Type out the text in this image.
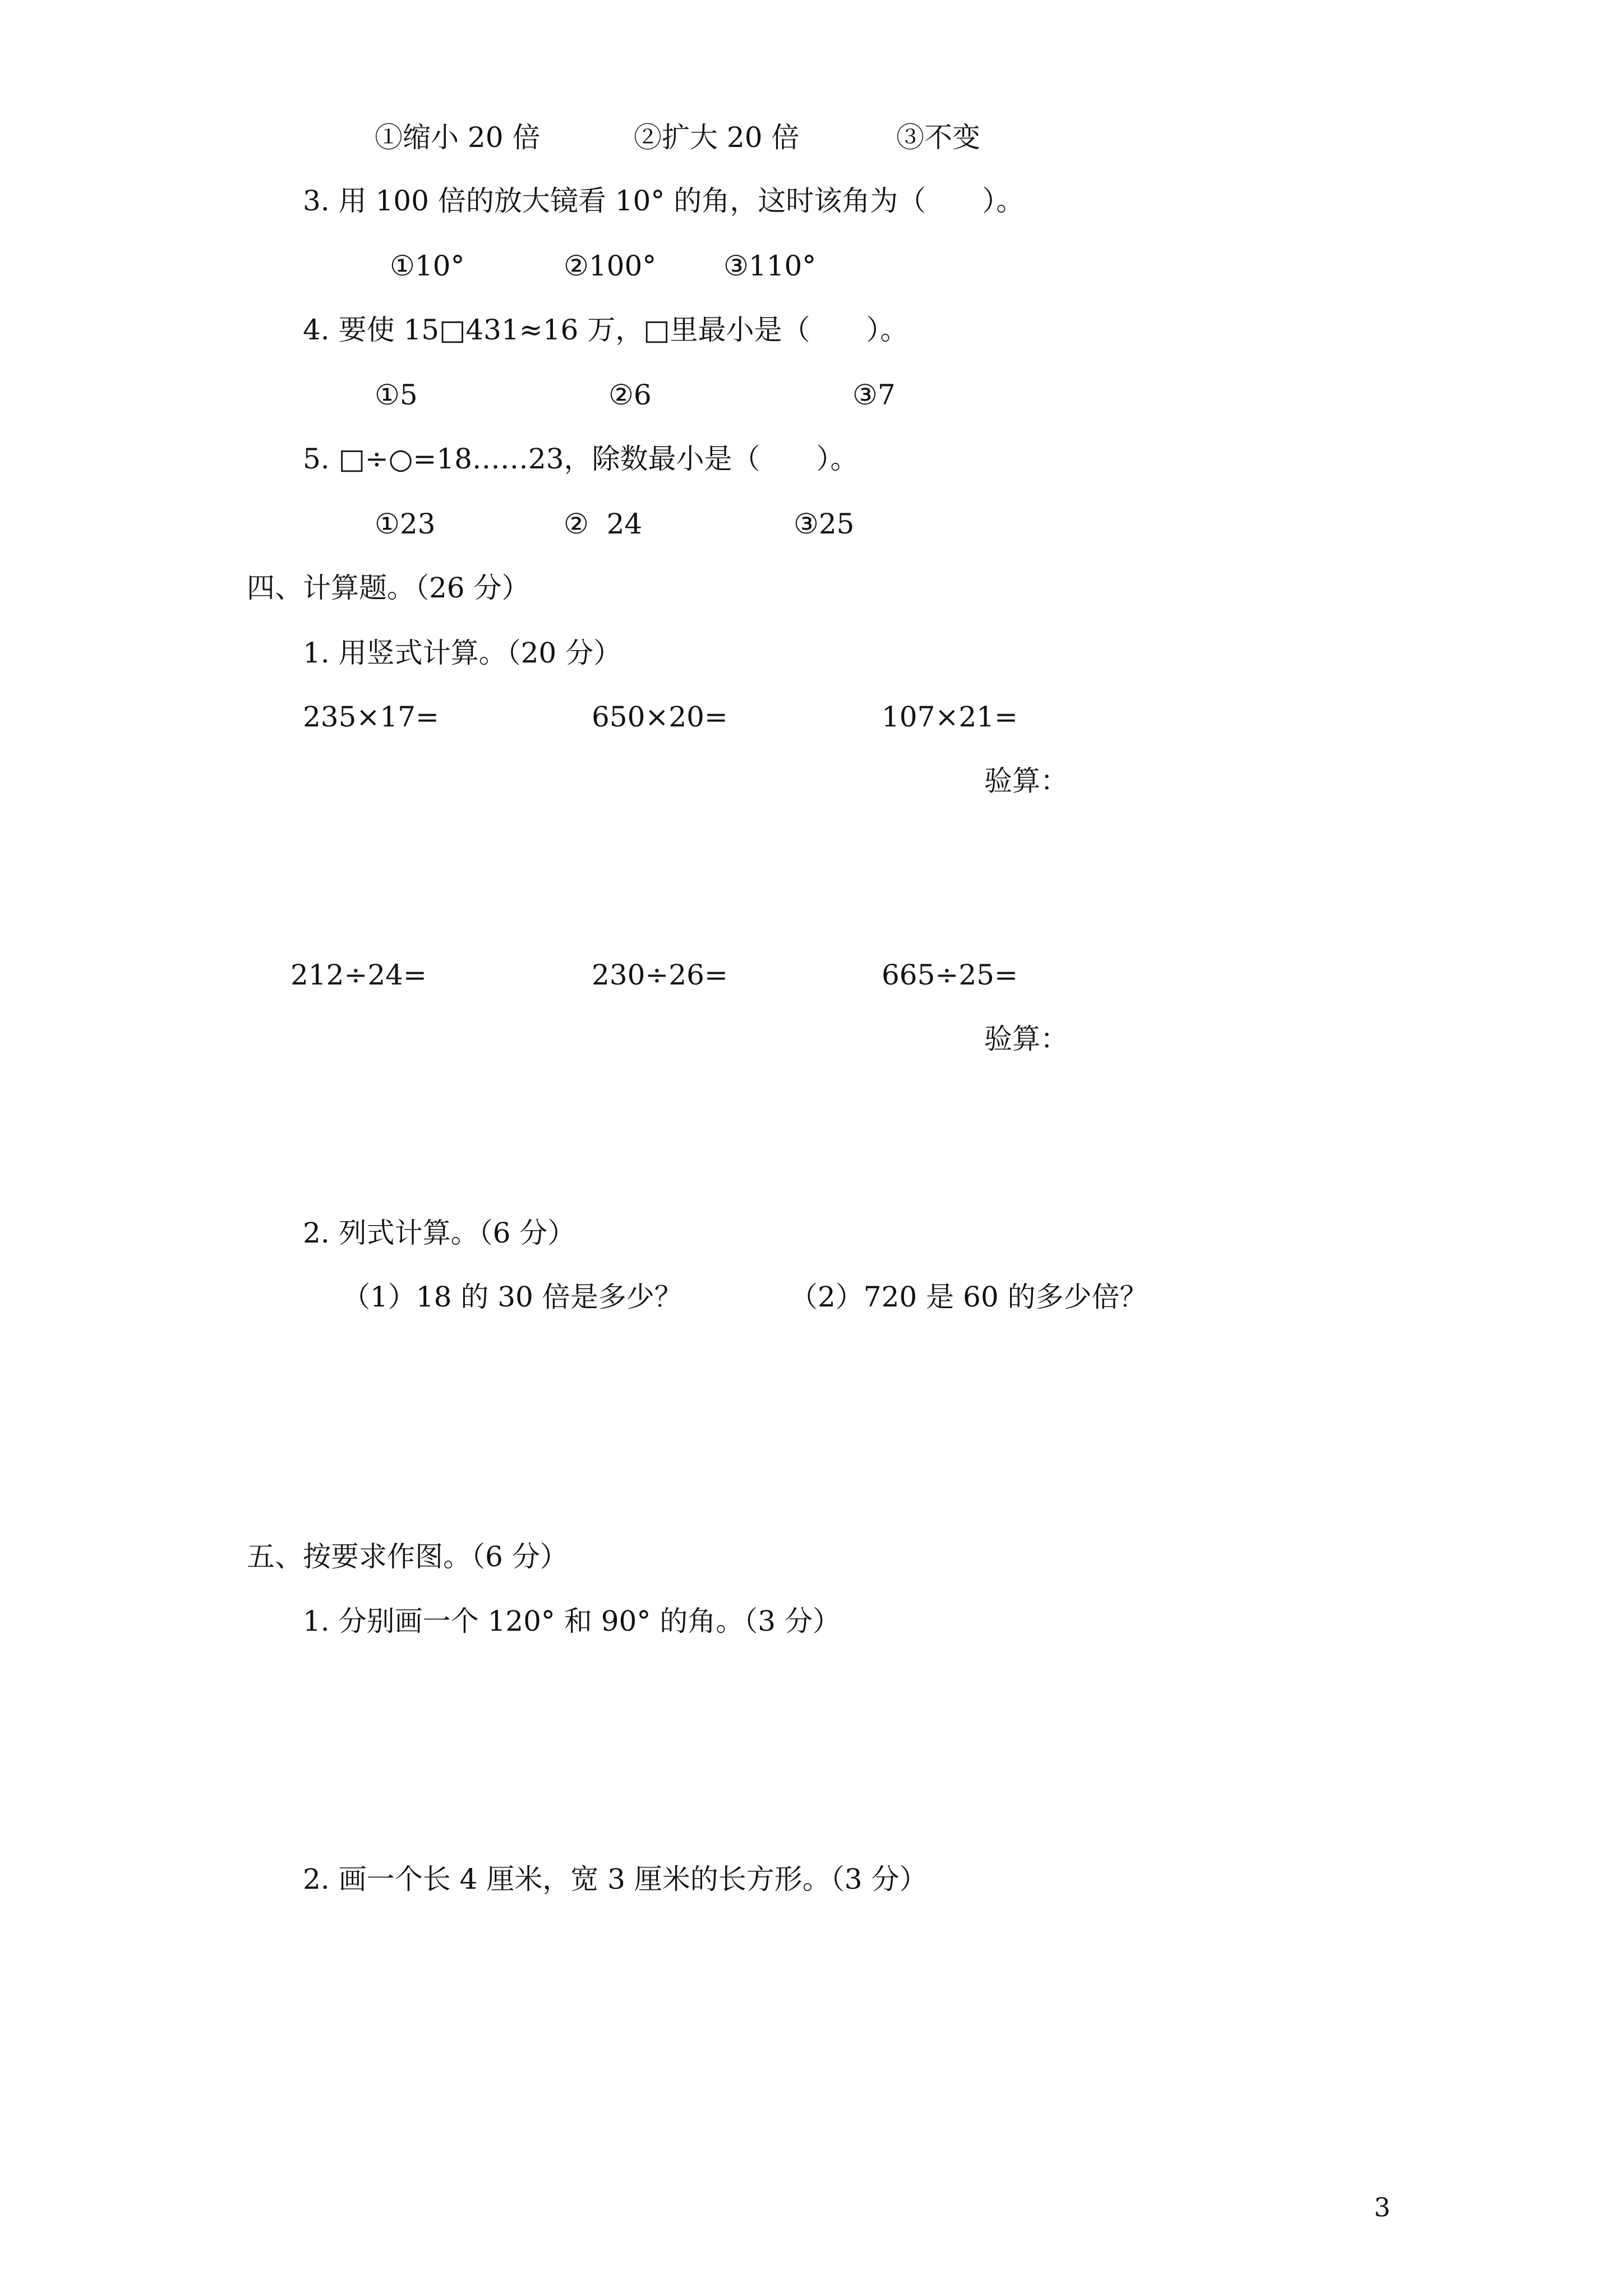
①缩小 20 倍	②扩大 20 倍	③不变
3. 用 100 倍的放大镜看 10° 的角，这时该角为（　　）。
①10°	②100° ③110°
4. 要使 15□431≈16 万，□里最小是（　　）。
①5	②6	③7
5. □÷○=18……23，除数最小是（　　）。
①23	②  24	③25
四、计算题。（26 分）
1. 用竖式计算。（20 分）
235×17=	650×20=	107×21=
验算：
212÷24=	230÷26=	665÷25=
验算：
2. 列式计算。（6 分）
（1）18 的 30 倍是多少？	（2）720 是 60 的多少倍？
五、按要求作图。（6 分）
1. 分别画一个 120° 和 90° 的角。（3 分）
2. 画一个长 4 厘米，宽 3 厘米的长方形。（3 分）
3
